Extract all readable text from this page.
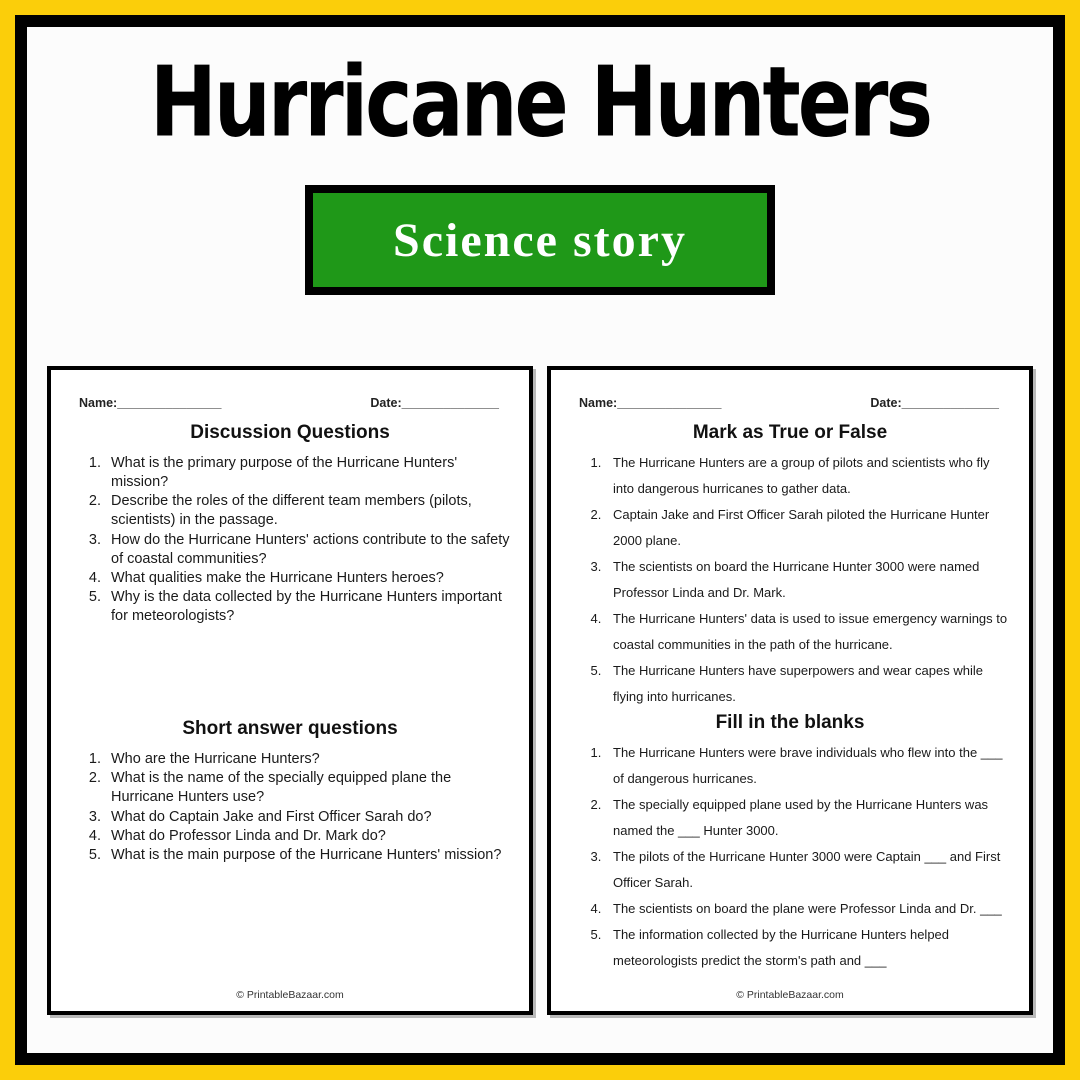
Hurricane Hunters
Science story
Name:_______________	Date:______________
Discussion Questions
1. What is the primary purpose of the Hurricane Hunters' mission?
2. Describe the roles of the different team members (pilots, scientists) in the passage.
3. How do the Hurricane Hunters' actions contribute to the safety of coastal communities?
4. What qualities make the Hurricane Hunters heroes?
5. Why is the data collected by the Hurricane Hunters important for meteorologists?
Short answer questions
1. Who are the Hurricane Hunters?
2. What is the name of the specially equipped plane the Hurricane Hunters use?
3. What do Captain Jake and First Officer Sarah do?
4. What do Professor Linda and Dr. Mark do?
5. What is the main purpose of the Hurricane Hunters' mission?
© PrintableBazaar.com
Name:_______________	Date:______________
Mark as True or False
1. The Hurricane Hunters are a group of pilots and scientists who fly into dangerous hurricanes to gather data.
2. Captain Jake and First Officer Sarah piloted the Hurricane Hunter 2000 plane.
3. The scientists on board the Hurricane Hunter 3000 were named Professor Linda and Dr. Mark.
4. The Hurricane Hunters' data is used to issue emergency warnings to coastal communities in the path of the hurricane.
5. The Hurricane Hunters have superpowers and wear capes while flying into hurricanes.
Fill in the blanks
1. The Hurricane Hunters were brave individuals who flew into the ___ of dangerous hurricanes.
2. The specially equipped plane used by the Hurricane Hunters was named the ___ Hunter 3000.
3. The pilots of the Hurricane Hunter 3000 were Captain ___ and First Officer Sarah.
4. The scientists on board the plane were Professor Linda and Dr. ___
5. The information collected by the Hurricane Hunters helped meteorologists predict the storm's path and ___
© PrintableBazaar.com
